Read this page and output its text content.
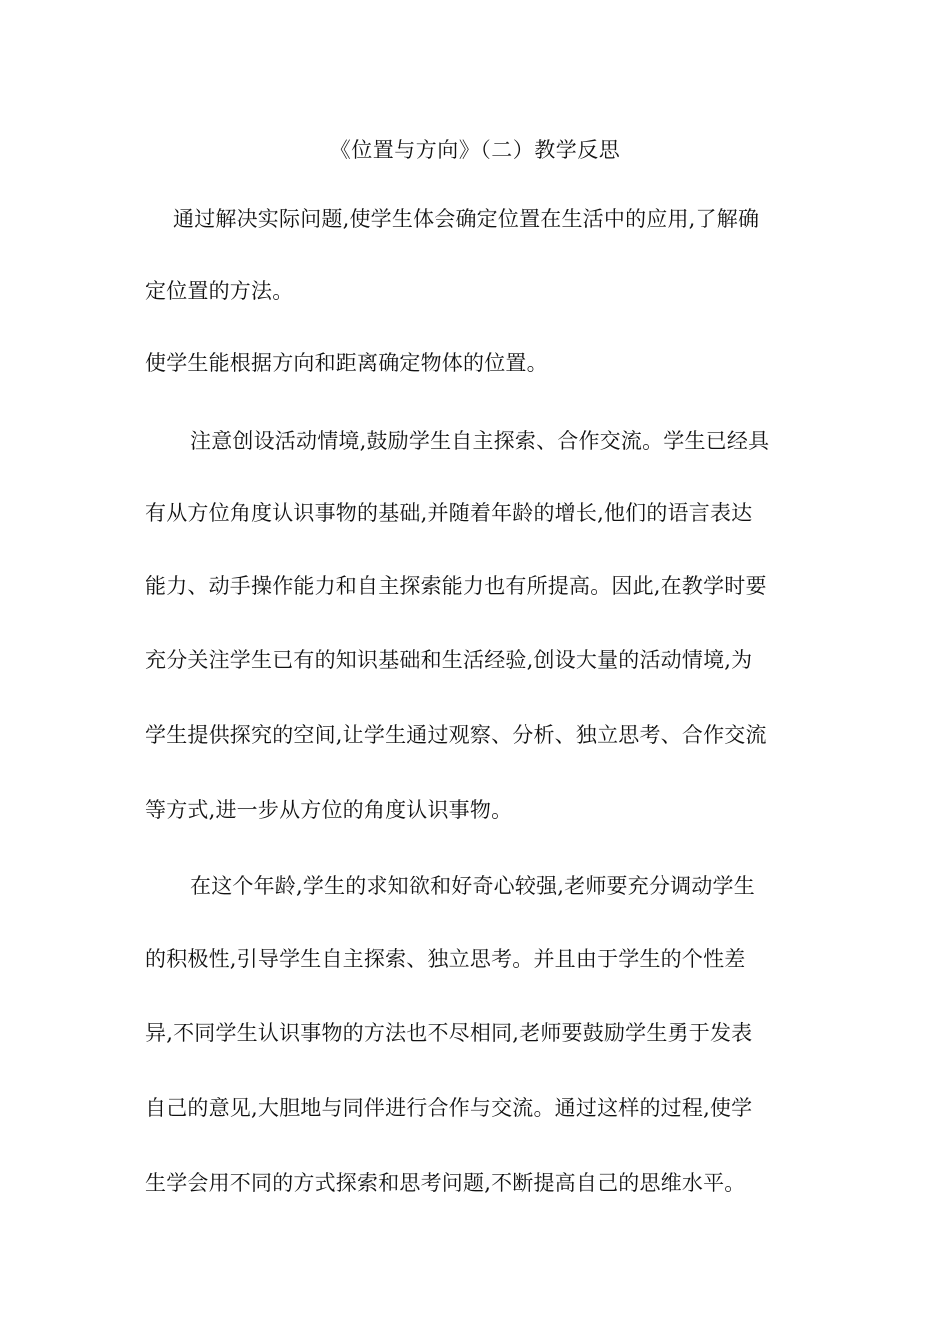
《位置与方向》（二）教学反思
通过解决实际问题,使学生体会确定位置在生活中的应用,了解确
定位置的方法。
使学生能根据方向和距离确定物体的位置。
注意创设活动情境,鼓励学生自主探索、合作交流。学生已经具
有从方位角度认识事物的基础,并随着年龄的增长,他们的语言表达
能力、动手操作能力和自主探索能力也有所提高。因此,在教学时要
充分关注学生已有的知识基础和生活经验,创设大量的活动情境,为
学生提供探究的空间,让学生通过观察、分析、独立思考、合作交流
等方式,进一步从方位的角度认识事物。
在这个年龄,学生的求知欲和好奇心较强,老师要充分调动学生
的积极性,引导学生自主探索、独立思考。并且由于学生的个性差
异,不同学生认识事物的方法也不尽相同,老师要鼓励学生勇于发表
自己的意见,大胆地与同伴进行合作与交流。通过这样的过程,使学
生学会用不同的方式探索和思考问题,不断提高自己的思维水平。
